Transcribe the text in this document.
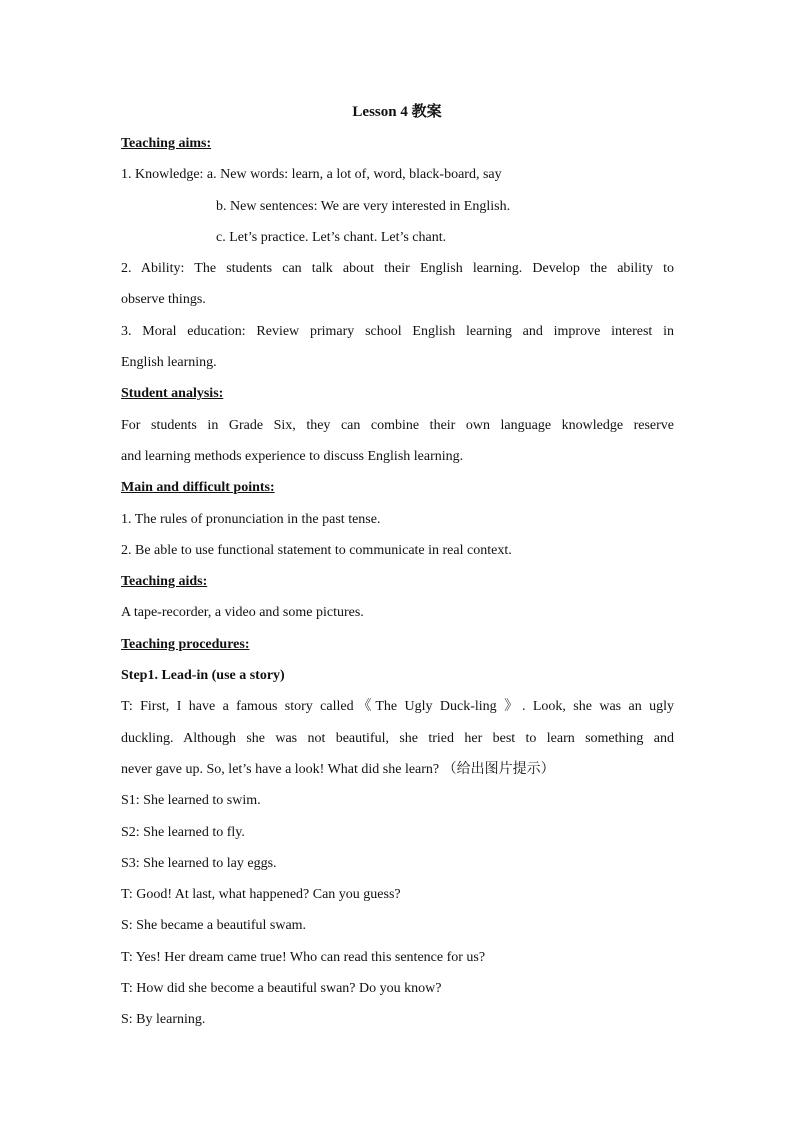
Lesson 4 教案
Teaching aims:
1. Knowledge: a. New words: learn, a lot of, word, black-board, say
b. New sentences: We are very interested in English.
c. Let’s practice. Let’s chant. Let’s chant.
2. Ability: The students can talk about their English learning. Develop the ability to
observe things.
3. Moral education: Review primary school English learning and improve interest in
English learning.
Student analysis:
For students in Grade Six, they can combine their own language knowledge reserve
and learning methods experience to discuss English learning.
Main and difficult points:
1. The rules of pronunciation in the past tense.
2. Be able to use functional statement to communicate in real context.
Teaching aids:
A tape-recorder, a video and some pictures.
Teaching procedures:
Step1. Lead-in (use a story)
T: First, I have a famous story called《The Ugly Duck-ling 》. Look, she was an ugly
duckling. Although she was not beautiful, she tried her best to learn something and
never gave up. So, let’s have a look! What did she learn? （给出图片提示）
S1: She learned to swim.
S2: She learned to fly.
S3: She learned to lay eggs.
T: Good! At last, what happened? Can you guess?
S: She became a beautiful swam.
T: Yes! Her dream came true! Who can read this sentence for us?
T: How did she become a beautiful swan? Do you know?
S: By learning.
